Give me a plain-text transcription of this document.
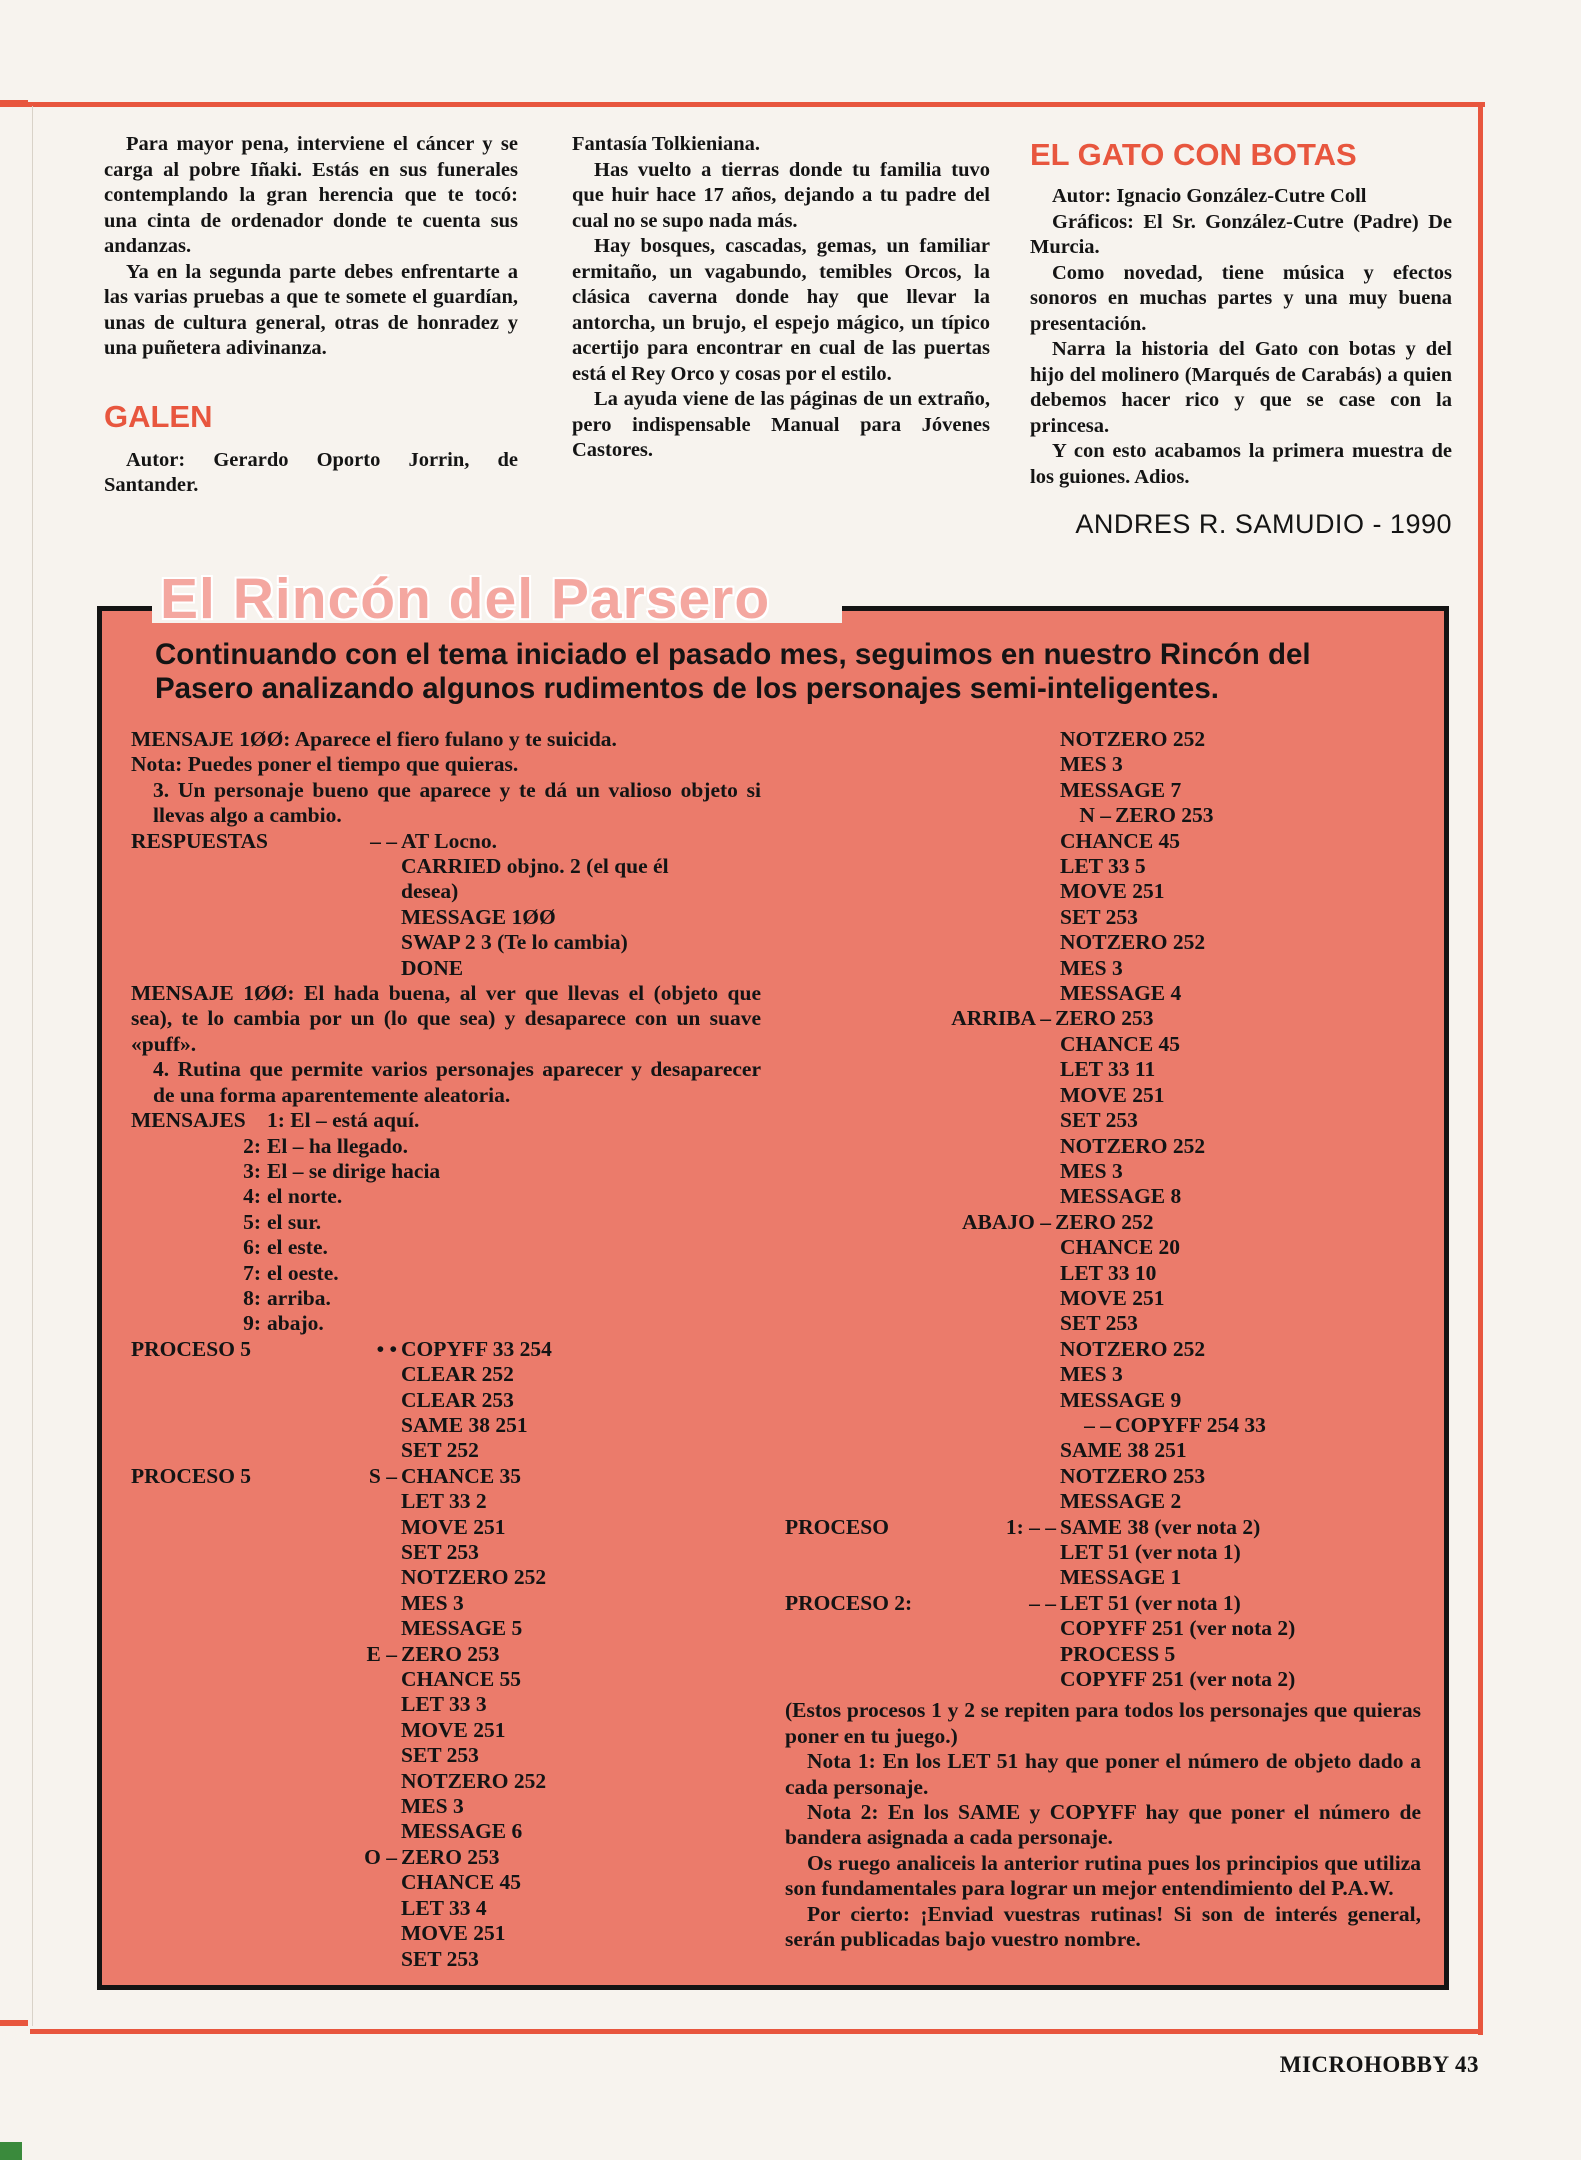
Para mayor pena, interviene el cáncer y se carga al pobre Iñaki. Estás en sus funerales contemplando la gran herencia que te tocó: una cinta de ordenador donde te cuenta sus andanzas.

Ya en la segunda parte debes enfrentarte a las varias pruebas a que te somete el guardían, unas de cultura general, otras de honradez y una puñetera adivinanza.

GALEN

Autor: Gerardo Oporto Jorrin, de Santander.

Fantasía Tolkieniana.

Has vuelto a tierras donde tu familia tuvo que huir hace 17 años, dejando a tu padre del cual no se supo nada más.

Hay bosques, cascadas, gemas, un familiar ermitaño, un vagabundo, temibles Orcos, la clásica caverna donde hay que llevar la antorcha, un brujo, el espejo mágico, un típico acertijo para encontrar en cual de las puertas está el Rey Orco y cosas por el estilo.

La ayuda viene de las páginas de un extraño, pero indispensable Manual para Jóvenes Castores.

EL GATO CON BOTAS

Autor: Ignacio González-Cutre Coll

Gráficos: El Sr. González-Cutre (Padre) De Murcia.

Como novedad, tiene música y efectos sonoros en muchas partes y una muy buena presentación.

Narra la historia del Gato con botas y del hijo del molinero (Marqués de Carabás) a quien debemos hacer rico y que se case con la princesa.

Y con esto acabamos la primera muestra de los guiones. Adios.

ANDRES R. SAMUDIO - 1990
El Rincón del Parsero
Continuando con el tema iniciado el pasado mes, seguimos en nuestro Rincón del Pasero analizando algunos rudimentos de los personajes semi-inteligentes.
MENSAJE 1ØØ: Aparece el fiero fulano y te suicida.
Nota: Puedes poner el tiempo que quieras.
3. Un personaje bueno que aparece y te dá un valioso objeto si llevas algo a cambio.
RESPUESTAS	– – AT Locno.
CARRIED objno. 2 (el que él
desea)
MESSAGE 1ØØ
SWAP 2 3 (Te lo cambia)
DONE
MENSAJE 1ØØ: El hada buena, al ver que llevas el (objeto que sea), te lo cambia por un (lo que sea) y desaparece con un suave «puff».
4. Rutina que permite varios personajes aparecer y desaparecer de una forma aparentemente aleatoria.
MENSAJES 1:
El – está aquí.
2: El – ha llegado.
3: El – se dirige hacia
4: el norte.
5: el sur.
6: el este.
7: el oeste.
8: arriba.
9: abajo.
PROCESO 5	• • COPYFF 33 254
CLEAR 252
CLEAR 253
SAME 38 251
SET 252
PROCESO 5	S – CHANCE 35
LET 33 2
MOVE 251
SET 253
NOTZERO 252
MES 3
MESSAGE 5
E – ZERO 253
CHANCE 55
LET 33 3
MOVE 251
SET 253
NOTZERO 252
MES 3
MESSAGE 6
O – ZERO 253
CHANCE 45
LET 33 4
MOVE 251
SET 253
NOTZERO 252
MES 3
MESSAGE 7
N – ZERO 253
CHANCE 45
LET 33 5
MOVE 251
SET 253
NOTZERO 252
MES 3
MESSAGE 4
ARRIBA – ZERO 253
CHANCE 45
LET 33 11
MOVE 251
SET 253
NOTZERO 252
MES 3
MESSAGE 8
ABAJO – ZERO 252
CHANCE 20
LET 33 10
MOVE 251
SET 253
NOTZERO 252
MES 3
MESSAGE 9
– – COPYFF 254 33
SAME 38 251
NOTZERO 253
MESSAGE 2
PROCESO	1: – – SAME 38 (ver nota 2)
LET 51 (ver nota 1)
MESSAGE 1
PROCESO 2:	– – LET 51 (ver nota 1)
COPYFF 251 (ver nota 2)
PROCESS 5
COPYFF 251 (ver nota 2)

(Estos procesos 1 y 2 se repiten para todos los personajes que quieras poner en tu juego.)

Nota 1: En los LET 51 hay que poner el número de objeto dado a cada personaje.

Nota 2: En los SAME y COPYFF hay que poner el número de bandera asignada a cada personaje.

Os ruego analiceis la anterior rutina pues los principios que utiliza son fundamentales para lograr un mejor entendimiento del P.A.W.

Por cierto: ¡Enviad vuestras rutinas! Si son de interés general, serán publicadas bajo vuestro nombre.

MICROHOBBY 43
